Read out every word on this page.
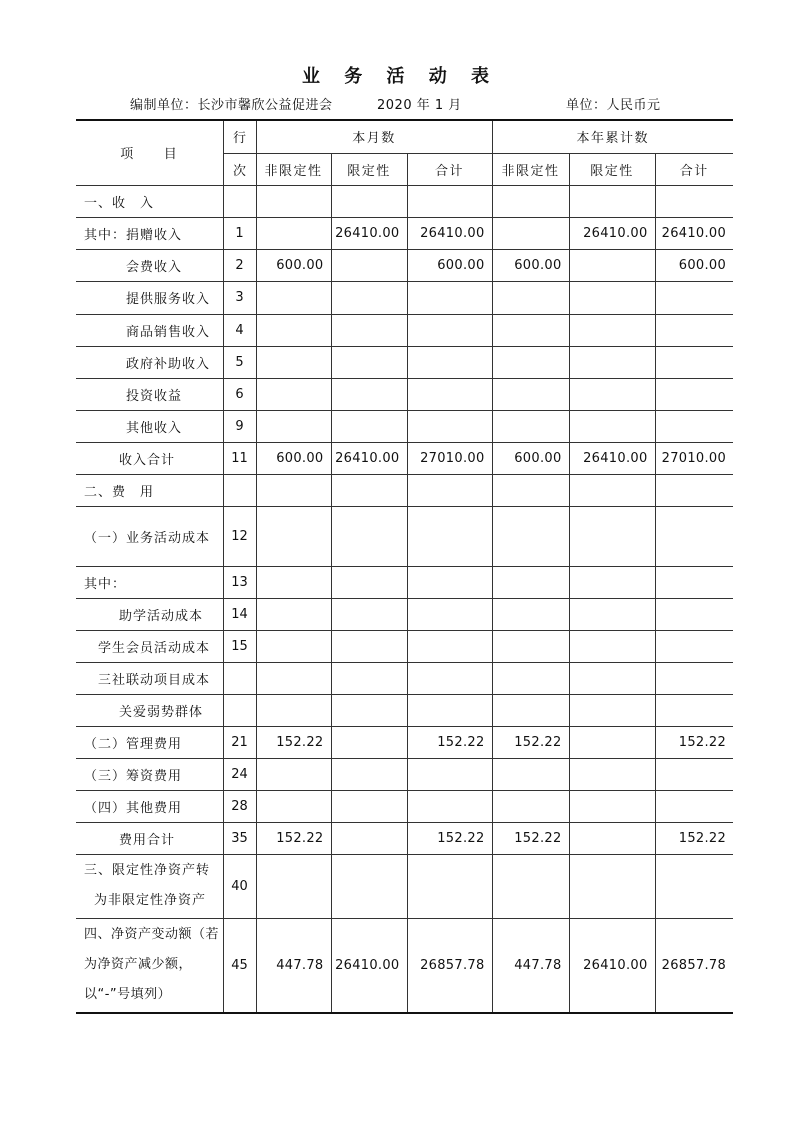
业 务 活 动 表
编制单位：长沙市馨欣公益促进会	2020 年 1 月	单位：人民币元
项　　目	行	本月数			本年累计数		
	次	非限定性	限定性	合计	非限定性	限定性	合计
一、收　入							
其中：捐赠收入	1		26410.00	26410.00		26410.00	26410.00
会费收入	2	600.00		600.00	600.00		600.00
提供服务收入	3						
商品销售收入	4						
政府补助收入	5						
投资收益	6						
其他收入	9						
收入合计	11	600.00	26410.00	27010.00	600.00	26410.00	27010.00
二、费　用							
（一）业务活动成本	12						
其中：	13						
助学活动成本	14						
学生会员活动成本	15						
三社联动项目成本							
关爱弱势群体							
（二）管理费用	21	152.22		152.22	152.22		152.22
（三）筹资费用	24						
（四）其他费用	28						
费用合计	35	152.22		152.22	152.22		152.22

三、限定性净资产转
为非限定性净资产	40						

四、净资产变动额（若
为净资产减少额，
以“-”号填列）	45	447.78	26410.00	26857.78	447.78	26410.00	26857.78
